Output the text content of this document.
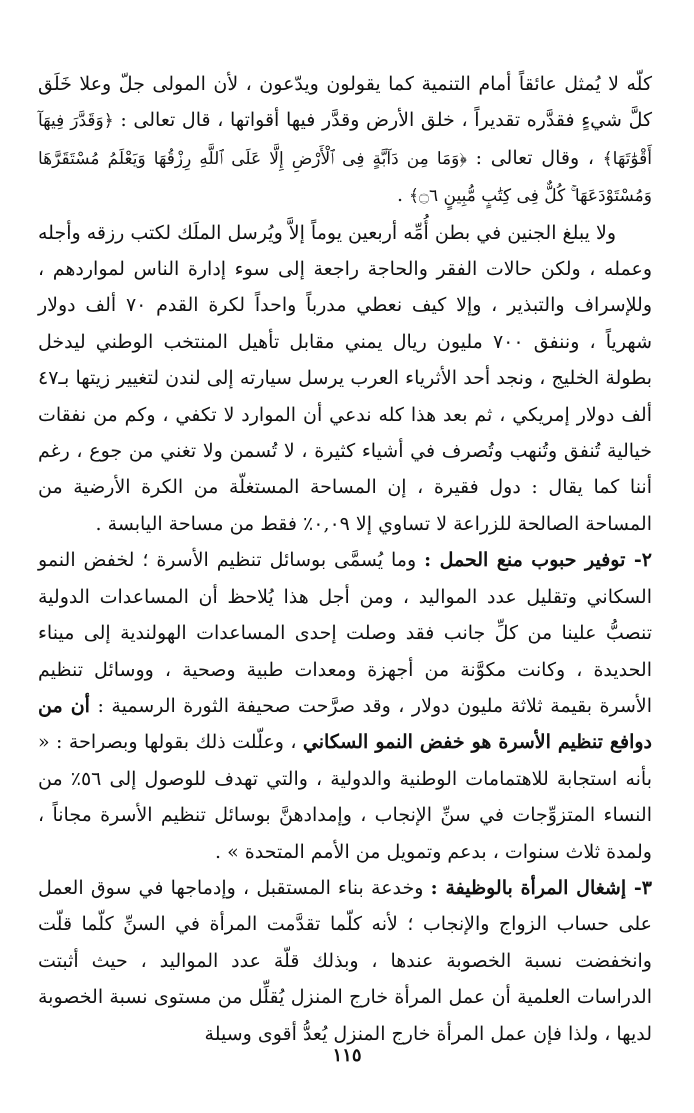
كلّه لا يُمثل عائقاً أمام التنمية كما يقولون ويدّعون ، لأن المولى جلّ وعلا خَلَق كلَّ شيءٍ فقدَّره تقديراً ، خلق الأرض وقدَّر فيها أقواتها ، قال تعالى : ﴿وَقَدَّرَ فِيهَآ أَقْوَٰتَهَا﴾ ، وقال تعالى : ﴿وَمَا مِن دَآبَّةٍ فِى ٱلْأَرْضِ إِلَّا عَلَى ٱللَّهِ رِزْقُهَا وَيَعْلَمُ مُسْتَقَرَّهَا وَمُسْتَوْدَعَهَا ۚ كُلٌّ فِى كِتَٰبٍ مُّبِينٍ ۝٦﴾ .

ولا يبلغ الجنين في بطن أُمِّه أربعين يوماً إلاَّ ويُرسل الملَك لكتب رزقه وأجله وعمله ، ولكن حالات الفقر والحاجة راجعة إلى سوء إدارة الناس لمواردهم ، وللإسراف والتبذير ، وإلا كيف نعطي مدرباً واحداً لكرة القدم ٧٠ ألف دولار شهرياً ، وننفق ٧٠٠ مليون ريال يمني مقابل تأهيل المنتخب الوطني ليدخل بطولة الخليج ، ونجد أحد الأثرياء العرب يرسل سيارته إلى لندن لتغيير زيتها بـ٤٧ ألف دولار إمريكي ، ثم بعد هذا كله ندعي أن الموارد لا تكفي ، وكم من نفقات خيالية تُنفق وتُنهب وتُصرف في أشياء كثيرة ، لا تُسمن ولا تغني من جوع ، رغم أننا كما يقال : دول فقيرة ، إن المساحة المستغلّة من الكرة الأرضية من المساحة الصالحة للزراعة لا تساوي إلا ٠,٠٩٪ فقط من مساحة اليابسة .

٢- توفير حبوب منع الحمل : وما يُسمَّى بوسائل تنظيم الأسرة ؛ لخفض النمو السكاني وتقليل عدد المواليد ، ومن أجل هذا يُلاحظ أن المساعدات الدولية تنصبُّ علينا من كلِّ جانب فقد وصلت إحدى المساعدات الهولندية إلى ميناء الحديدة ، وكانت مكوَّنة من أجهزة ومعدات طبية وصحية ، ووسائل تنظيم الأسرة بقيمة ثلاثة مليون دولار ، وقد صرَّحت صحيفة الثورة الرسمية : أن من دوافع تنظيم الأسرة هو خفض النمو السكاني ، وعلّلت ذلك بقولها وبصراحة : « بأنه استجابة للاهتمامات الوطنية والدولية ، والتي تهدف للوصول إلى ٥٦٪ من النساء المتزوِّجات في سنِّ الإنجاب ، وإمدادهنَّ بوسائل تنظيم الأسرة مجاناً ، ولمدة ثلاث سنوات ، بدعم وتمويل من الأمم المتحدة » .

٣- إشغال المرأة بالوظيفة : وخدعة بناء المستقبل ، وإدماجها في سوق العمل على حساب الزواج والإنجاب ؛ لأنه كلّما تقدَّمت المرأة في السنِّ كلّما قلّت وانخفضت نسبة الخصوبة عندها ، وبذلك قلّة عدد المواليد ، حيث أثبتت الدراسات العلمية أن عمل المرأة خارج المنزل يُقلِّل من مستوى نسبة الخصوبة لديها ، ولذا فإن عمل المرأة خارج المنزل يُعدُّ أقوى وسيلة

١١٥
